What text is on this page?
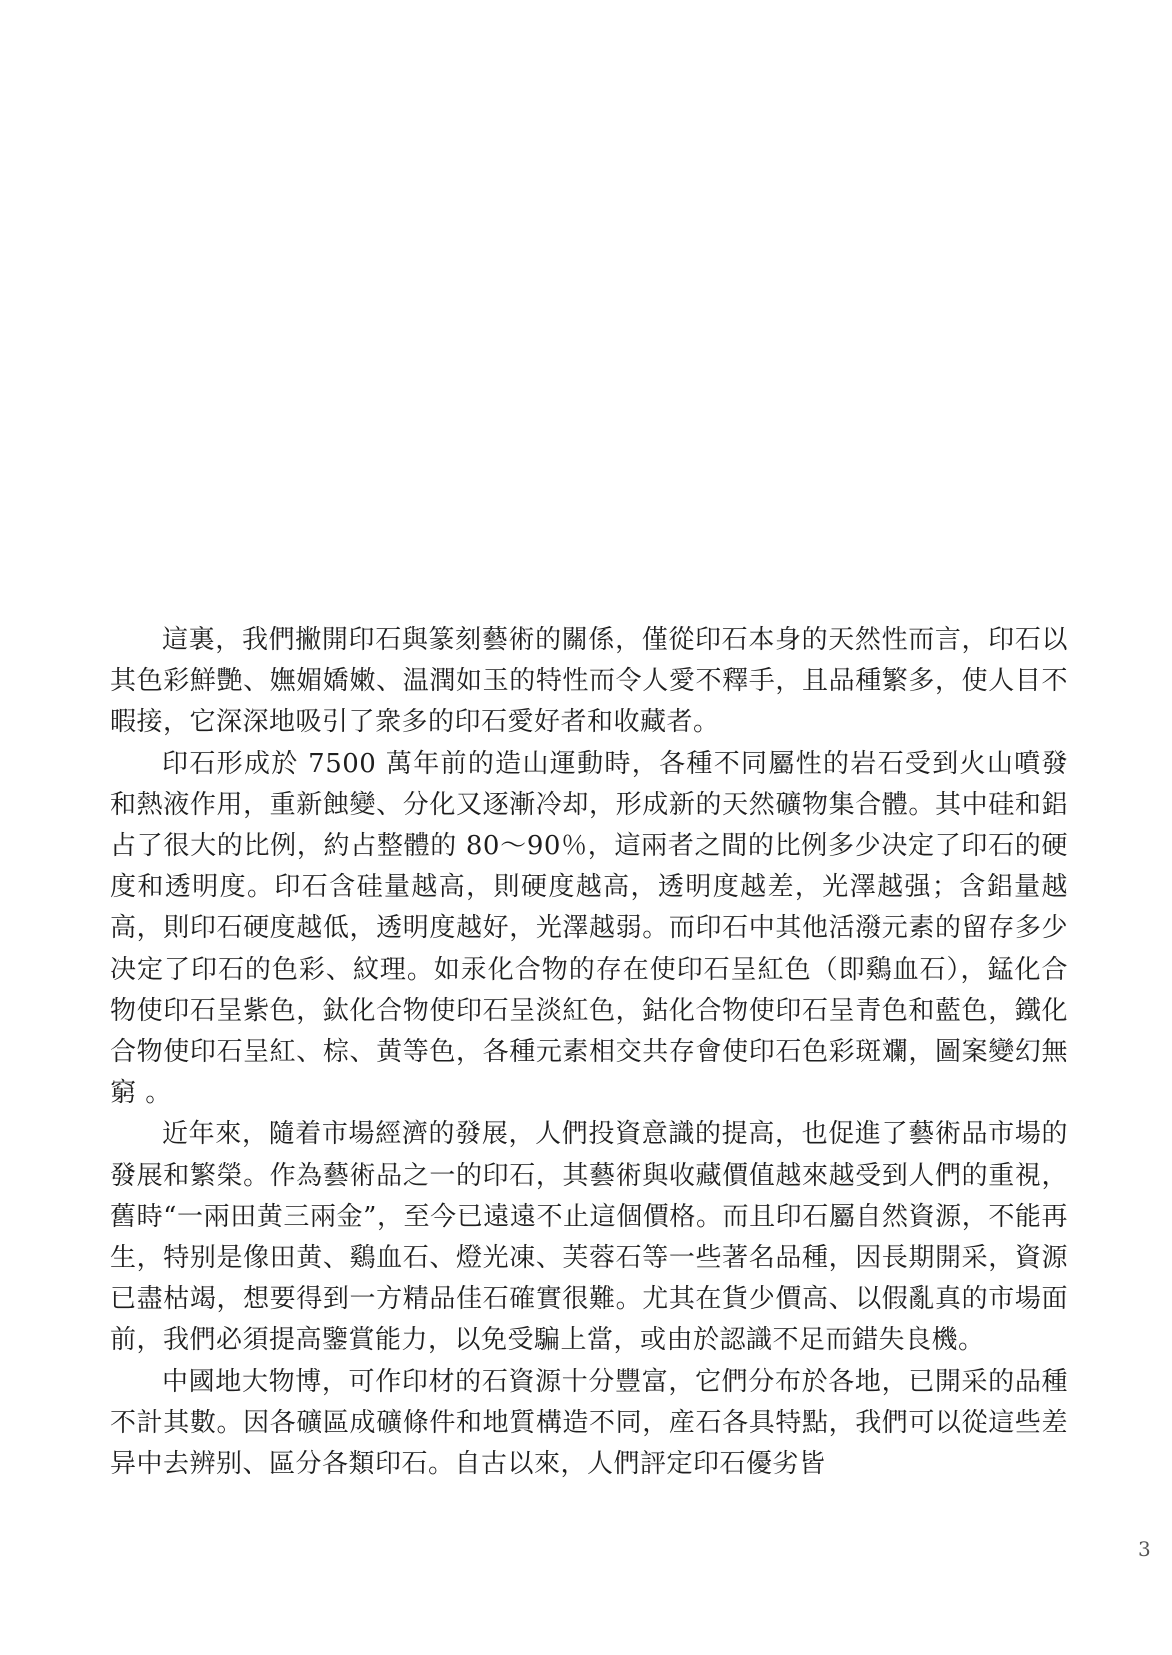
這裏，我們撇開印石與篆刻藝術的關係，僅從印石本身的天然性而言，印石以其色彩鮮艷、嫵媚嬌嫩、温潤如玉的特性而令人愛不釋手，且品種繁多，使人目不暇接，它深深地吸引了衆多的印石愛好者和收藏者。

印石形成於 7500 萬年前的造山運動時，各種不同屬性的岩石受到火山噴發和熱液作用，重新蝕變、分化又逐漸冷却，形成新的天然礦物集合體。其中硅和鋁占了很大的比例，約占整體的 80～90％，這兩者之間的比例多少决定了印石的硬度和透明度。印石含硅量越高，則硬度越高，透明度越差，光澤越强；含鋁量越高，則印石硬度越低，透明度越好，光澤越弱。而印石中其他活潑元素的留存多少决定了印石的色彩、紋理。如汞化合物的存在使印石呈紅色（即鷄血石），錳化合物使印石呈紫色，鈦化合物使印石呈淡紅色，鈷化合物使印石呈青色和藍色，鐵化合物使印石呈紅、棕、黄等色，各種元素相交共存會使印石色彩斑斕，圖案變幻無窮 。

近年來，隨着市場經濟的發展，人們投資意識的提高，也促進了藝術品市場的發展和繁榮。作為藝術品之一的印石，其藝術與收藏價值越來越受到人們的重視，舊時“一兩田黄三兩金”，至今已遠遠不止這個價格。而且印石屬自然資源，不能再生，特别是像田黄、鷄血石、燈光凍、芙蓉石等一些著名品種，因長期開采，資源已盡枯竭，想要得到一方精品佳石確實很難。尤其在貨少價高、以假亂真的市場面前，我們必須提高鑒賞能力，以免受騙上當，或由於認識不足而錯失良機。

中國地大物博，可作印材的石資源十分豐富，它們分布於各地，已開采的品種不計其數。因各礦區成礦條件和地質構造不同，産石各具特點，我們可以從這些差异中去辨别、區分各類印石。自古以來，人們評定印石優劣皆

3
